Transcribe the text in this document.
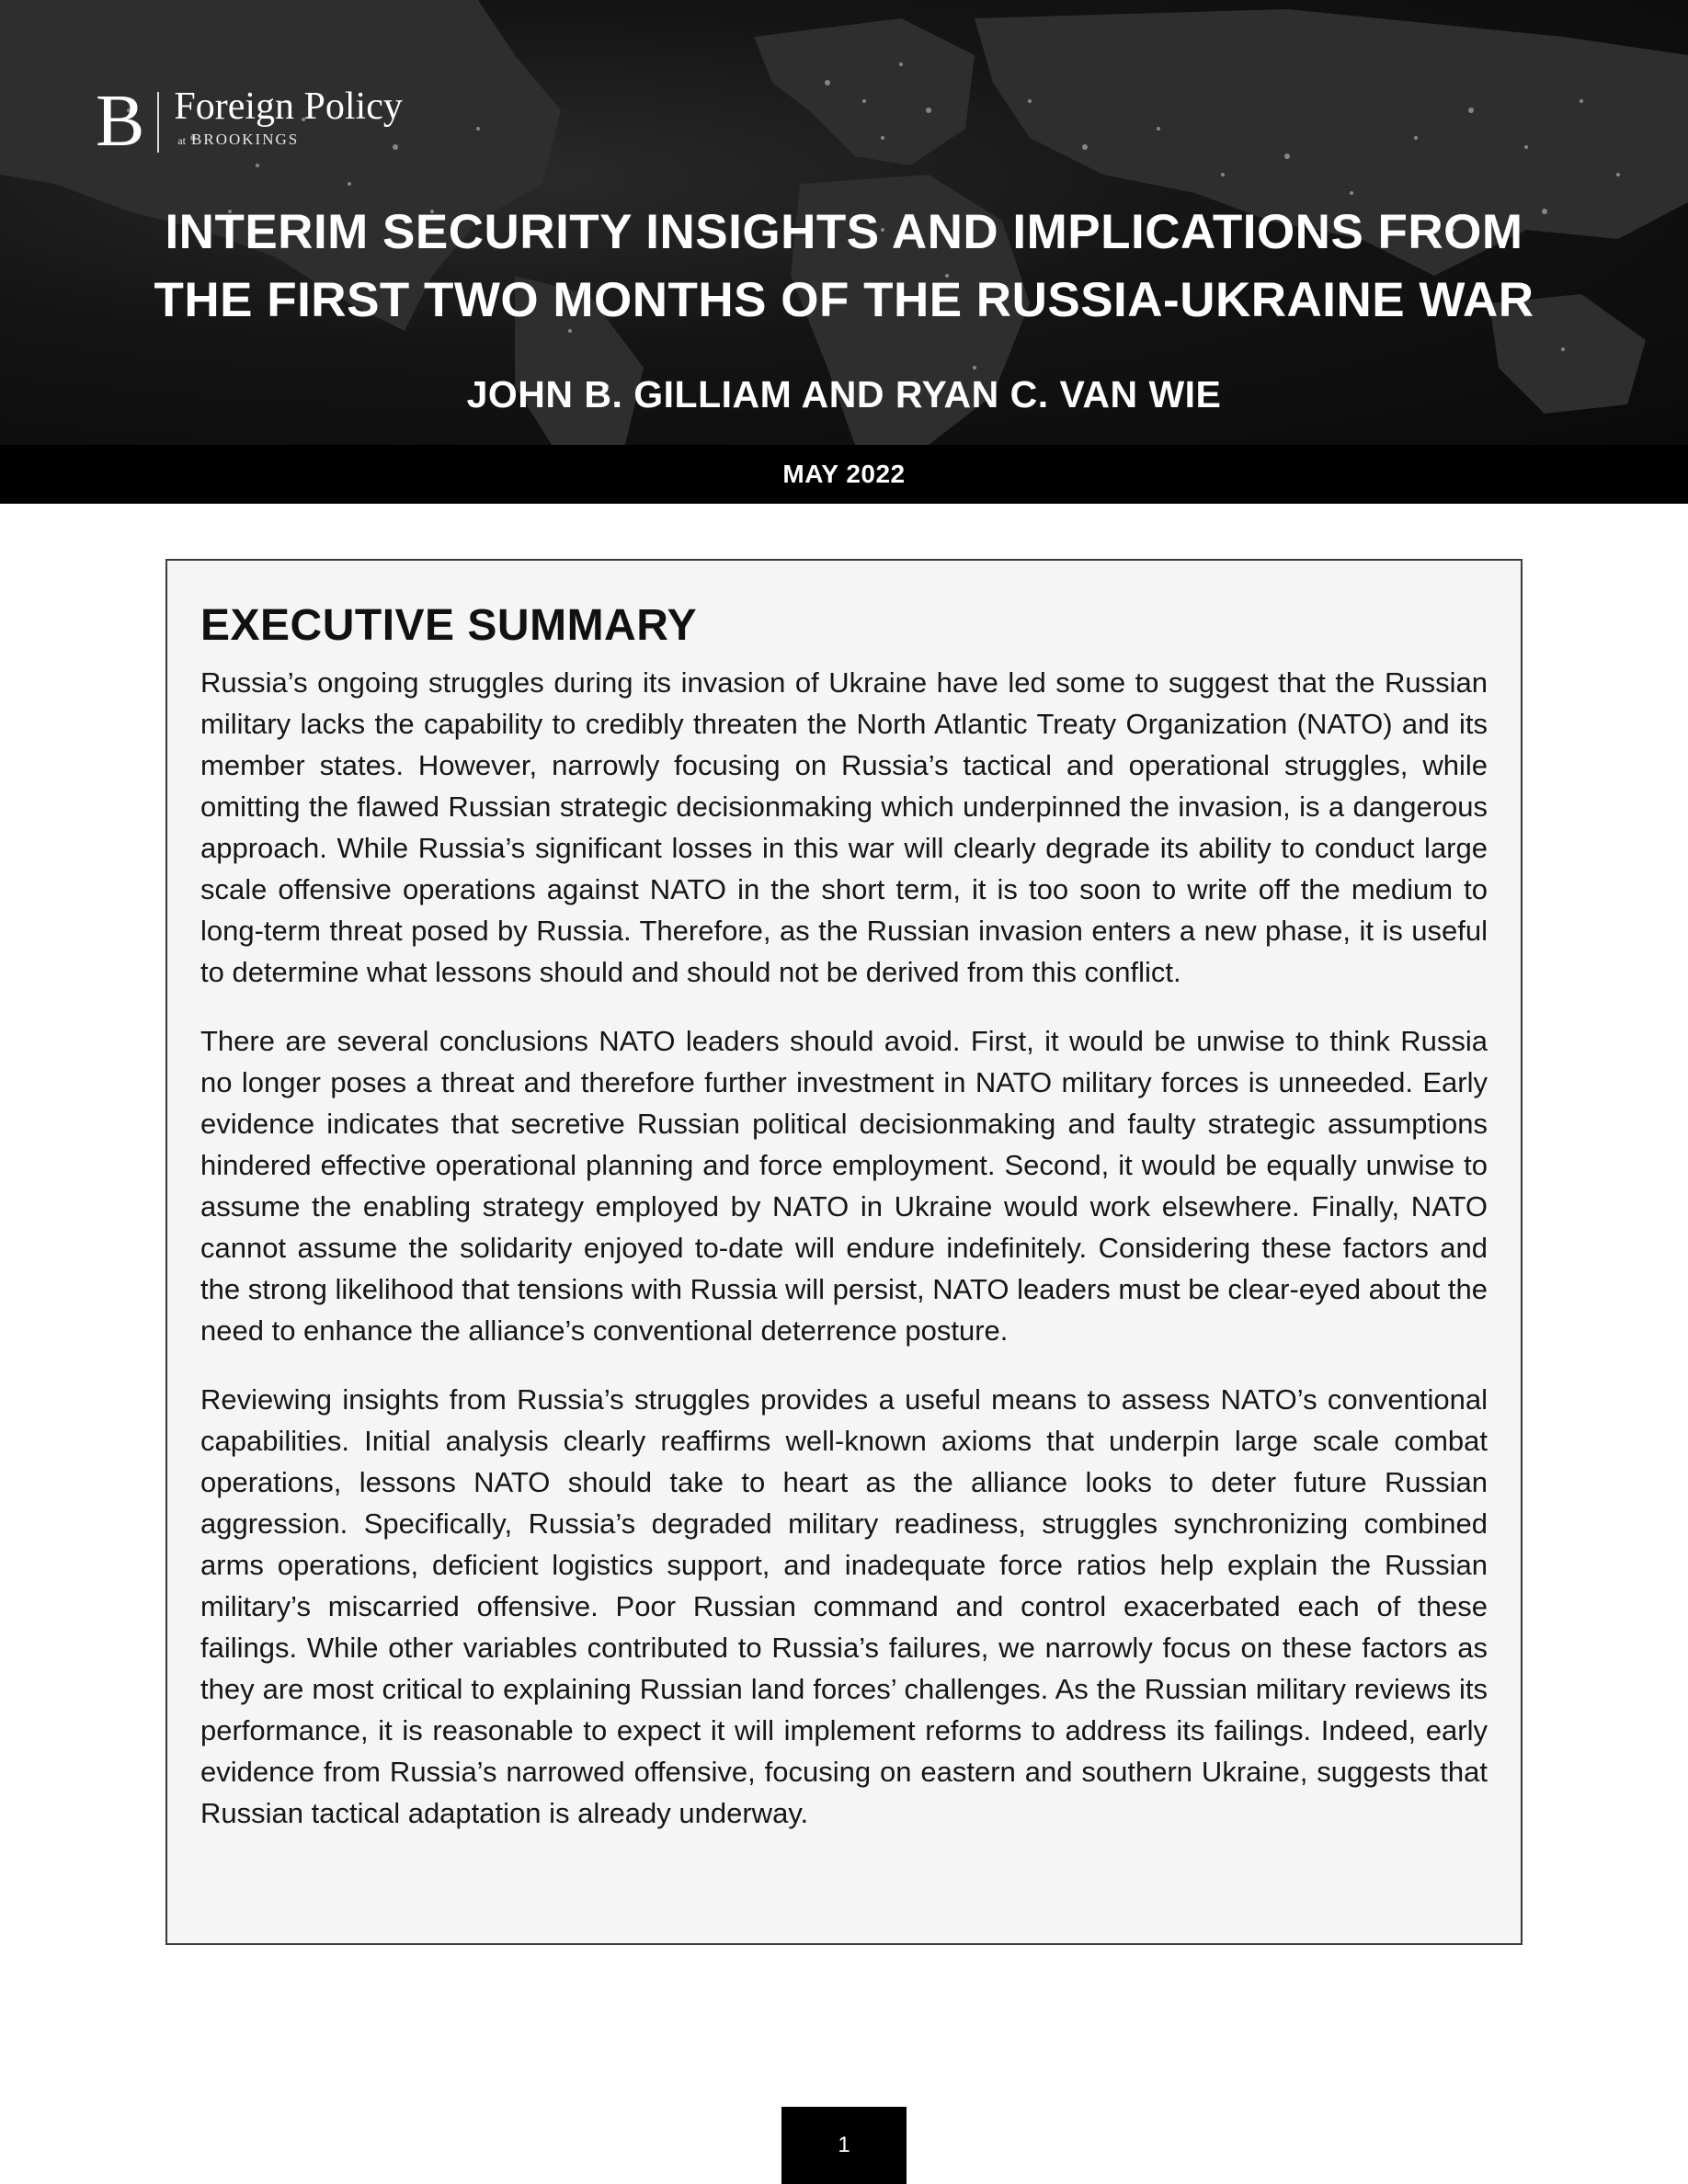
B Foreign Policy
at BROOKINGS
INTERIM SECURITY INSIGHTS AND IMPLICATIONS FROM
THE FIRST TWO MONTHS OF THE RUSSIA-UKRAINE WAR
JOHN B. GILLIAM AND RYAN C. VAN WIE
MAY 2022
EXECUTIVE SUMMARY

Russia’s ongoing struggles during its invasion of Ukraine have led some to suggest that the Russian military lacks the capability to credibly threaten the North Atlantic Treaty Organization (NATO) and its member states. However, narrowly focusing on Russia’s tactical and operational struggles, while omitting the flawed Russian strategic decisionmaking which underpinned the invasion, is a dangerous approach. While Russia’s significant losses in this war will clearly degrade its ability to conduct large scale offensive operations against NATO in the short term, it is too soon to write off the medium to long-term threat posed by Russia. Therefore, as the Russian invasion enters a new phase, it is useful to determine what lessons should and should not be derived from this conflict.

There are several conclusions NATO leaders should avoid. First, it would be unwise to think Russia no longer poses a threat and therefore further investment in NATO military forces is unneeded. Early evidence indicates that secretive Russian political decisionmaking and faulty strategic assumptions hindered effective operational planning and force employment. Second, it would be equally unwise to assume the enabling strategy employed by NATO in Ukraine would work elsewhere. Finally, NATO cannot assume the solidarity enjoyed to-date will endure indefinitely. Considering these factors and the strong likelihood that tensions with Russia will persist, NATO leaders must be clear-eyed about the need to enhance the alliance’s conventional deterrence posture.

Reviewing insights from Russia’s struggles provides a useful means to assess NATO’s conventional capabilities. Initial analysis clearly reaffirms well-known axioms that underpin large scale combat operations, lessons NATO should take to heart as the alliance looks to deter future Russian aggression. Specifically, Russia’s degraded military readiness, struggles synchronizing combined arms operations, deficient logistics support, and inadequate force ratios help explain the Russian military’s miscarried offensive. Poor Russian command and control exacerbated each of these failings. While other variables contributed to Russia’s failures, we narrowly focus on these factors as they are most critical to explaining Russian land forces’ challenges. As the Russian military reviews its performance, it is reasonable to expect it will implement reforms to address its failings. Indeed, early evidence from Russia’s narrowed offensive, focusing on eastern and southern Ukraine, suggests that Russian tactical adaptation is already underway.

1
